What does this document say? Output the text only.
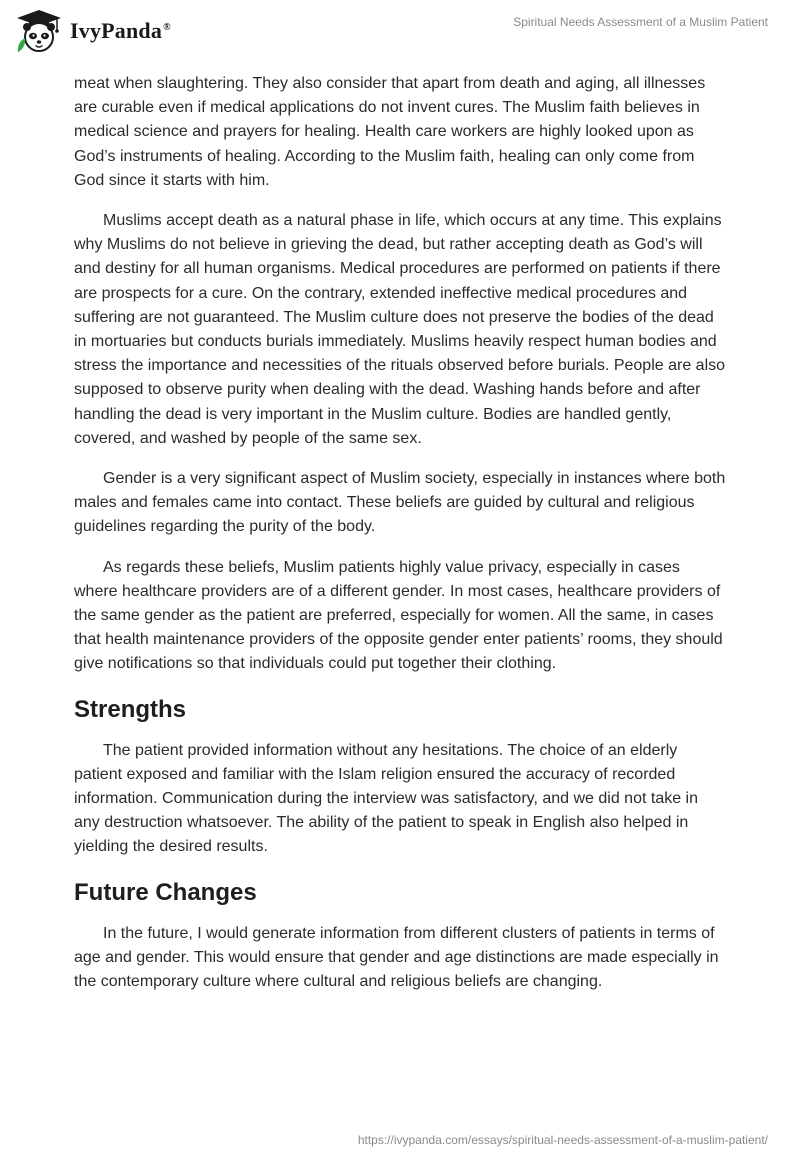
IvyPanda®	Spiritual Needs Assessment of a Muslim Patient

meat when slaughtering. They also consider that apart from death and aging, all illnesses are curable even if medical applications do not invent cures. The Muslim faith believes in medical science and prayers for healing. Health care workers are highly looked upon as God’s instruments of healing. According to the Muslim faith, healing can only come from God since it starts with him.

Muslims accept death as a natural phase in life, which occurs at any time. This explains why Muslims do not believe in grieving the dead, but rather accepting death as God’s will and destiny for all human organisms. Medical procedures are performed on patients if there are prospects for a cure. On the contrary, extended ineffective medical procedures and suffering are not guaranteed. The Muslim culture does not preserve the bodies of the dead in mortuaries but conducts burials immediately. Muslims heavily respect human bodies and stress the importance and necessities of the rituals observed before burials. People are also supposed to observe purity when dealing with the dead. Washing hands before and after handling the dead is very important in the Muslim culture. Bodies are handled gently, covered, and washed by people of the same sex.

Gender is a very significant aspect of Muslim society, especially in instances where both males and females came into contact. These beliefs are guided by cultural and religious guidelines regarding the purity of the body.

As regards these beliefs, Muslim patients highly value privacy, especially in cases where healthcare providers are of a different gender. In most cases, healthcare providers of the same gender as the patient are preferred, especially for women. All the same, in cases that health maintenance providers of the opposite gender enter patients’ rooms, they should give notifications so that individuals could put together their clothing.

Strengths

The patient provided information without any hesitations. The choice of an elderly patient exposed and familiar with the Islam religion ensured the accuracy of recorded information. Communication during the interview was satisfactory, and we did not take in any destruction whatsoever. The ability of the patient to speak in English also helped in yielding the desired results.

Future Changes

In the future, I would generate information from different clusters of patients in terms of age and gender. This would ensure that gender and age distinctions are made especially in the contemporary culture where cultural and religious beliefs are changing.

https://ivypanda.com/essays/spiritual-needs-assessment-of-a-muslim-patient/
